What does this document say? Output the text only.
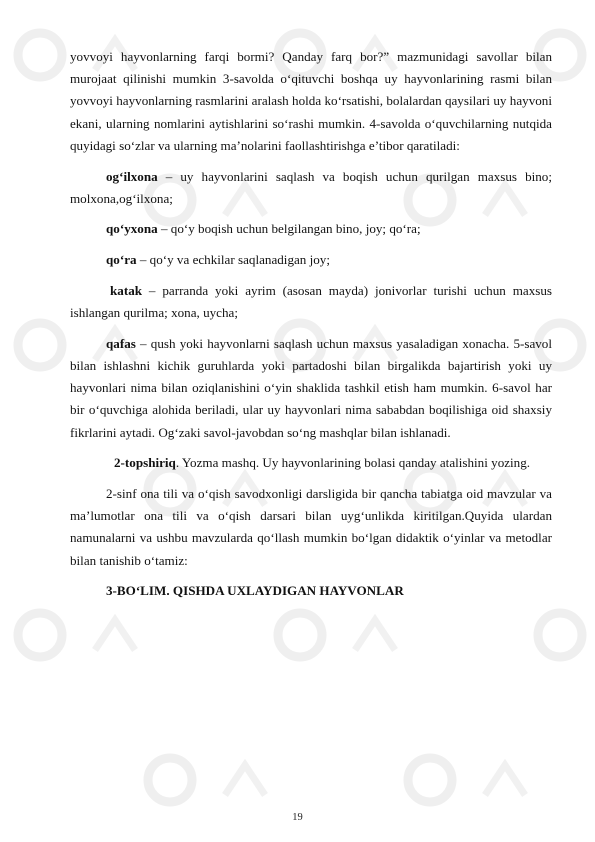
yovvoyi hayvonlarning farqi bormi? Qanday farq bor?” mazmunidagi savollar bilan murojaat qilinishi mumkin 3-savolda o‘qituvchi boshqa uy hayvonlarining rasmi bilan yovvoyi hayvonlarning rasmlarini aralash holda ko‘rsatishi, bolalardan qaysilari uy hayvoni ekani, ularning nomlarini aytishlarini so‘rashi mumkin. 4-savolda o‘quvchilarning nutqida quyidagi so‘zlar va ularning ma’nolarini faollashtirishga e’tibor qaratiladi:

og‘ilxona – uy hayvonlarini saqlash va boqish uchun qurilgan maxsus bino; molxona,og‘ilxona;

qo‘yxona – qo‘y boqish uchun belgilangan bino, joy; qo‘ra;

qo‘ra – qo‘y va echkilar saqlanadigan joy;

katak – parranda yoki ayrim (asosan mayda) jonivorlar turishi uchun maxsus ishlangan qurilma; xona, uycha;

qafas – qush yoki hayvonlarni saqlash uchun maxsus yasaladigan xonacha. 5-savol bilan ishlashni kichik guruhlarda yoki partadoshi bilan birgalikda bajartirish yoki uy hayvonlari nima bilan oziqlanishini o‘yin shaklida tashkil etish ham mumkin. 6-savol har bir o‘quvchiga alohida beriladi, ular uy hayvonlari nima sababdan boqilishiga oid shaxsiy fikrlarini aytadi. Og‘zaki savol-javobdan so‘ng mashqlar bilan ishlanadi.

2-topshiriq. Yozma mashq. Uy hayvonlarining bolasi qanday atalishini yozing.

2-sinf ona tili va o‘qish savodxonligi darsligida bir qancha tabiatga oid mavzular va ma’lumotlar ona tili va o‘qish darsari bilan uyg‘unlikda kiritilgan.Quyida ulardan namunalarni va ushbu mavzularda qo‘llash mumkin bo‘lgan didaktik o‘yinlar va metodlar bilan tanishib o‘tamiz:

3-BO‘LIM. QISHDA UXLAYDIGAN HAYVONLAR

19
